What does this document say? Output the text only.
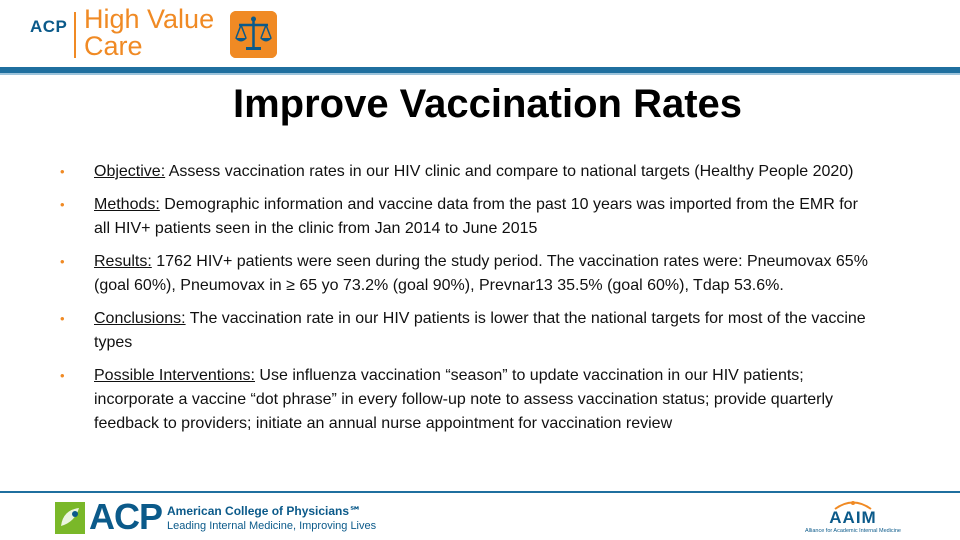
ACP High Value
Care
Improve Vaccination Rates
• Objective: Assess vaccination rates in our HIV clinic and compare to national targets (Healthy People 2020)
• Methods: Demographic information and vaccine data from the past 10 years was imported from the EMR for all HIV+ patients seen in the clinic from Jan 2014 to June 2015
• Results: 1762 HIV+ patients were seen during the study period. The vaccination rates were: Pneumovax 65% (goal 60%), Pneumovax in ≥ 65 yo 73.2% (goal 90%), Prevnar13 35.5% (goal 60%), Tdap 53.6%.
• Conclusions: The vaccination rate in our HIV patients is lower that the national targets for most of the vaccine types
• Possible Interventions: Use influenza vaccination “season” to update vaccination in our HIV patients; incorporate a vaccine “dot phrase” in every follow-up note to assess vaccination status; provide quarterly feedback to providers; initiate an annual nurse appointment for vaccination review
ACP American College of Physicians℠
Leading Internal Medicine, Improving Lives	AAIM
Alliance for Academic Internal Medicine
